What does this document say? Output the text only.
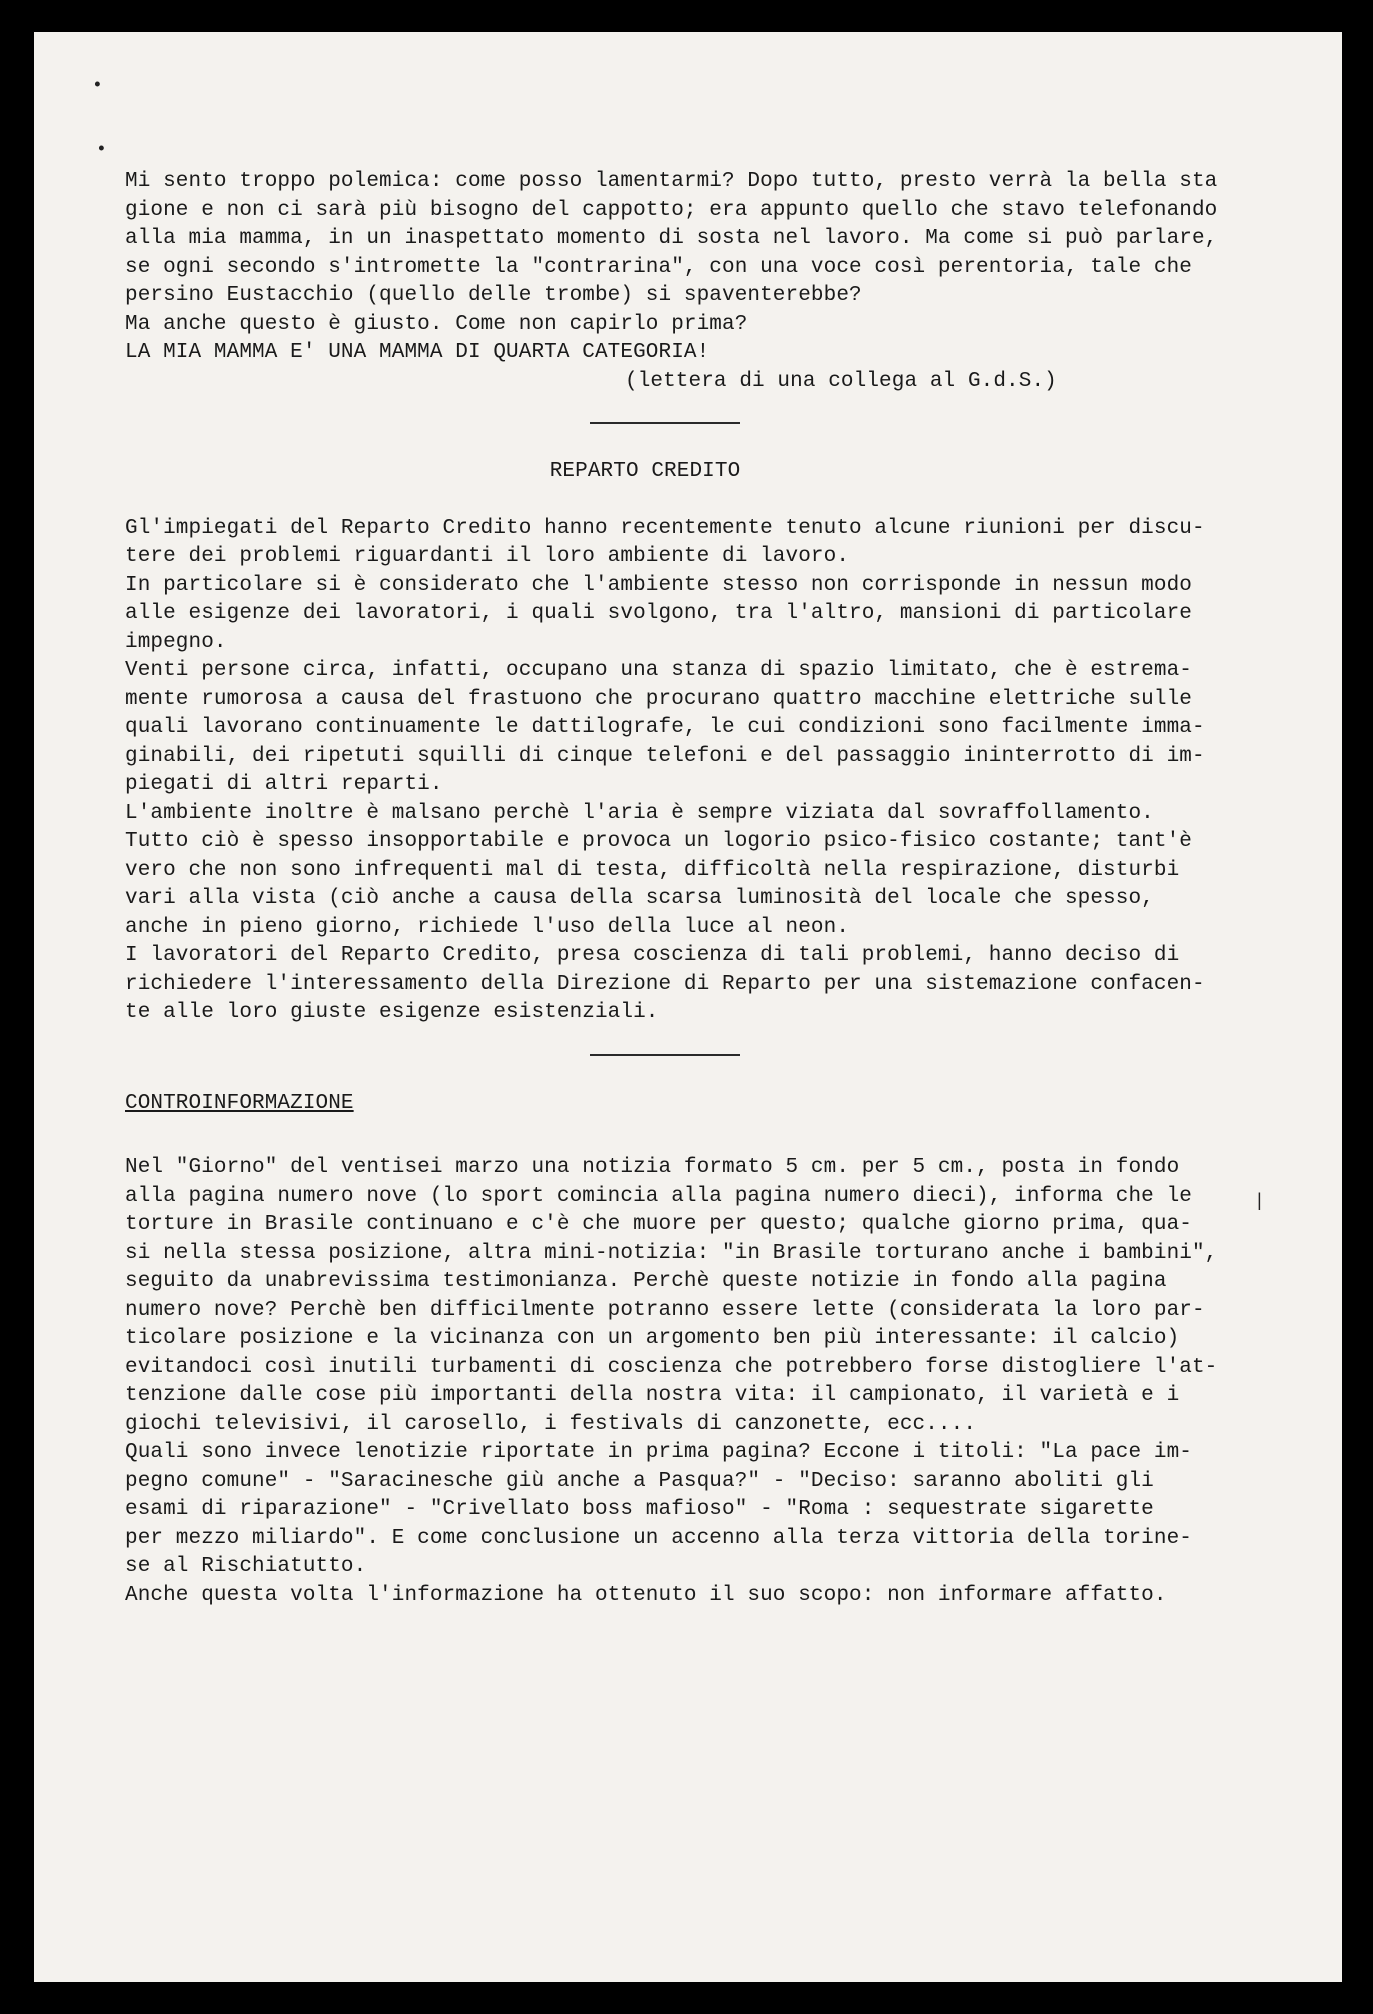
•
•
|
Mi sento troppo polemica: come posso lamentarmi? Dopo tutto, presto verrà la bella sta
gione e non ci sarà più bisogno del cappotto; era appunto quello che stavo telefonando
alla mia mamma, in un inaspettato momento di sosta nel lavoro. Ma come si può parlare,
se ogni secondo s'intromette la "contrarina", con una voce così perentoria, tale che
persino Eustacchio (quello delle trombe) si spaventerebbe?
Ma anche questo è giusto. Come non capirlo prima?
LA MIA MAMMA E' UNA MAMMA DI QUARTA CATEGORIA!
(lettera di una collega al G.d.S.)
REPARTO CREDITO
Gl'impiegati del Reparto Credito hanno recentemente tenuto alcune riunioni per discu-
tere dei problemi riguardanti il loro ambiente di lavoro.
In particolare si è considerato che l'ambiente stesso non corrisponde in nessun modo
alle esigenze dei lavoratori, i quali svolgono, tra l'altro, mansioni di particolare
impegno.
Venti persone circa, infatti, occupano una stanza di spazio limitato, che è estrema-
mente rumorosa a causa del frastuono che procurano quattro macchine elettriche sulle
quali lavorano continuamente le dattilografe, le cui condizioni sono facilmente imma-
ginabili, dei ripetuti squilli di cinque telefoni e del passaggio ininterrotto di im-
piegati di altri reparti.
L'ambiente inoltre è malsano perchè l'aria è sempre viziata dal sovraffollamento.
Tutto ciò è spesso insopportabile e provoca un logorio psico-fisico costante; tant'è
vero che non sono infrequenti mal di testa, difficoltà nella respirazione, disturbi
vari alla vista (ciò anche a causa della scarsa luminosità del locale che spesso,
anche in pieno giorno, richiede l'uso della luce al neon.
I lavoratori del Reparto Credito, presa coscienza di tali problemi, hanno deciso di
richiedere l'interessamento della Direzione di Reparto per una sistemazione confacen-
te alle loro giuste esigenze esistenziali.
CONTROINFORMAZIONE
Nel "Giorno" del ventisei marzo una notizia formato 5 cm. per 5 cm., posta in fondo
alla pagina numero nove (lo sport comincia alla pagina numero dieci), informa che le
torture in Brasile continuano e c'è che muore per questo; qualche giorno prima, qua-
si nella stessa posizione, altra mini-notizia: "in Brasile torturano anche i bambini",
seguito da unabrevissima testimonianza. Perchè queste notizie in fondo alla pagina
numero nove? Perchè ben difficilmente potranno essere lette (considerata la loro par-
ticolare posizione e la vicinanza con un argomento ben più interessante: il calcio)
evitandoci così inutili turbamenti di coscienza che potrebbero forse distogliere l'at-
tenzione dalle cose più importanti della nostra vita: il campionato, il varietà e i
giochi televisivi, il carosello, i festivals di canzonette, ecc....
Quali sono invece lenotizie riportate in prima pagina? Eccone i titoli: "La pace im-
pegno comune" - "Saracinesche giù anche a Pasqua?" - "Deciso: saranno aboliti gli
esami di riparazione" - "Crivellato boss mafioso" - "Roma : sequestrate sigarette
per mezzo miliardo". E come conclusione un accenno alla terza vittoria della torine-
se al Rischiatutto.
Anche questa volta l'informazione ha ottenuto il suo scopo: non informare affatto.
